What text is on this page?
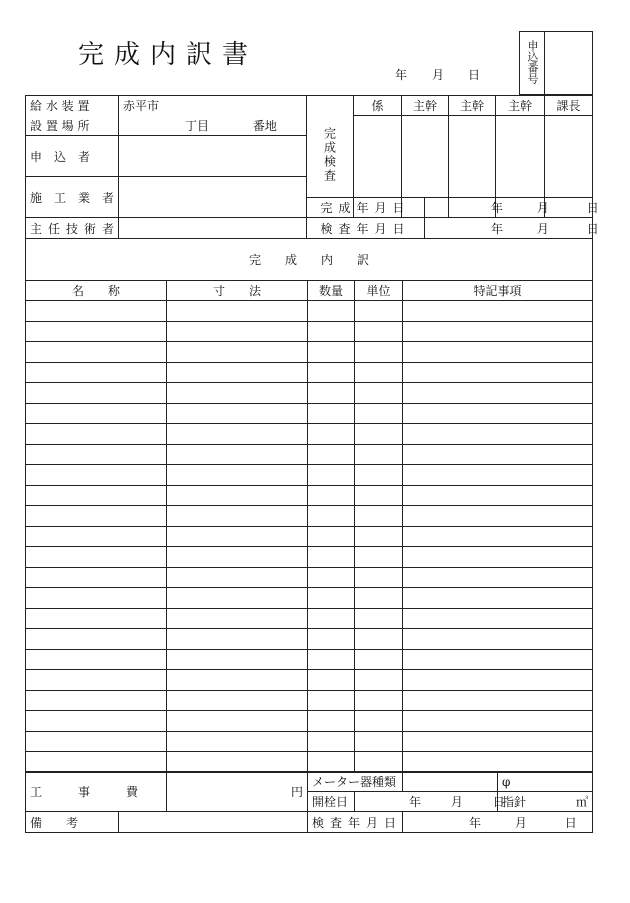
完成内訳書
年 月 日	申込番号	
給 水 装 置	赤平市	完成検査	係	主幹	主幹	主幹	課長
設 置 場 所	丁目 番地						
申　込　者							
施　工　業　者							

		完成年月日	年 月 日
主任技術者		検査年月日	年 月 日
完　　成　　内　　訳				
名　　称	寸　　法	数量	単位	特記事項

工　　　事　　　費		円	メーター器種類			φ
			開栓日	年 月 日		指針 ㎥

備　　考			検査年月日		年 月 日	
